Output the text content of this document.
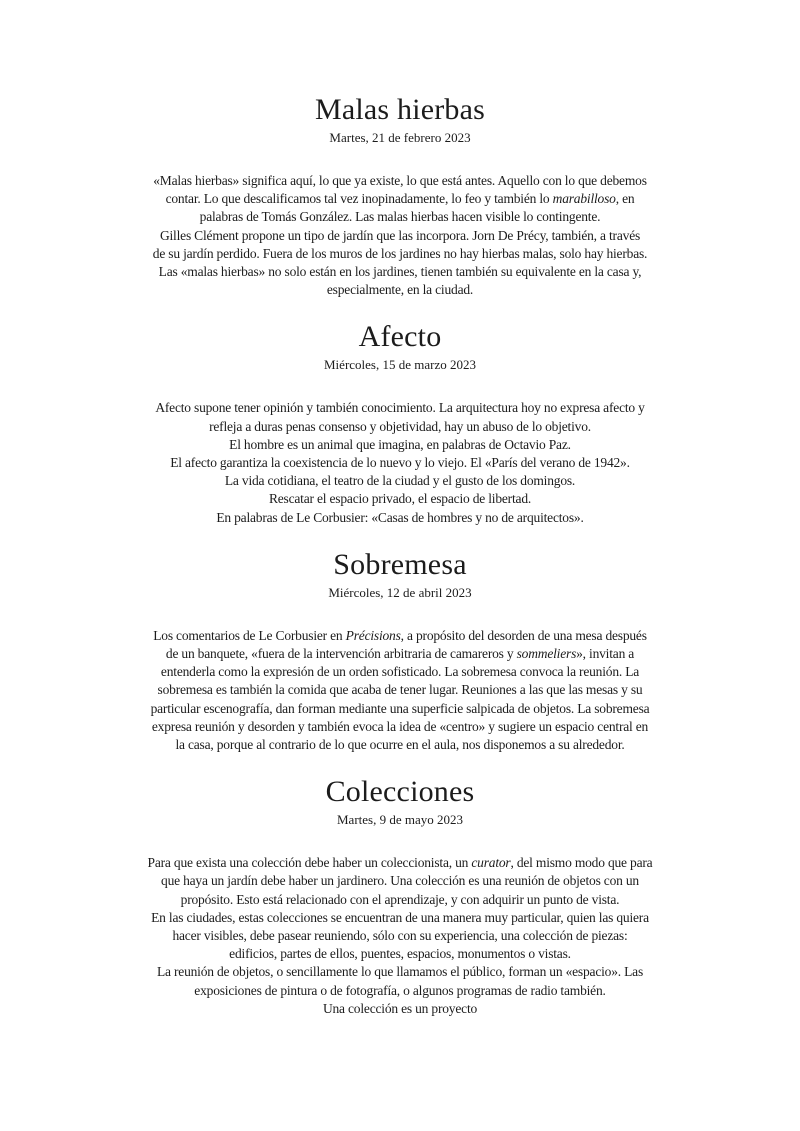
Malas hierbas
Martes, 21 de febrero 2023
«Malas hierbas» significa aquí, lo que ya existe, lo que está antes. Aquello con lo que debemos
contar. Lo que descalificamos tal vez inopinadamente, lo feo y también lo marabilloso, en
palabras de Tomás González. Las malas hierbas hacen visible lo contingente.
Gilles Clément propone un tipo de jardín que las incorpora. Jorn De Précy, también, a través
de su jardín perdido. Fuera de los muros de los jardines no hay hierbas malas, solo hay hierbas.
Las «malas hierbas» no solo están en los jardines, tienen también su equivalente en la casa y,
especialmente, en la ciudad.
Afecto
Miércoles, 15 de marzo 2023
Afecto supone tener opinión y también conocimiento. La arquitectura hoy no expresa afecto y
refleja a duras penas consenso y objetividad, hay un abuso de lo objetivo.
El hombre es un animal que imagina, en palabras de Octavio Paz.
El afecto garantiza la coexistencia de lo nuevo y lo viejo. El «París del verano de 1942».
La vida cotidiana, el teatro de la ciudad y el gusto de los domingos.
Rescatar el espacio privado, el espacio de libertad.
En palabras de Le Corbusier: «Casas de hombres y no de arquitectos».
Sobremesa
Miércoles, 12 de abril 2023
Los comentarios de Le Corbusier en Précisions, a propósito del desorden de una mesa después
de un banquete, «fuera de la intervención arbitraria de camareros y sommeliers», invitan a
entenderla como la expresión de un orden sofisticado. La sobremesa convoca la reunión. La
sobremesa es también la comida que acaba de tener lugar. Reuniones a las que las mesas y su
particular escenografía, dan forman mediante una superficie salpicada de objetos. La sobremesa
expresa reunión y desorden y también evoca la idea de «centro» y sugiere un espacio central en
la casa, porque al contrario de lo que ocurre en el aula, nos disponemos a su alrededor.
Colecciones
Martes, 9 de mayo 2023
Para que exista una colección debe haber un coleccionista, un curator, del mismo modo que para
que haya un jardín debe haber un jardinero. Una colección es una reunión de objetos con un
propósito. Esto está relacionado con el aprendizaje, y con adquirir un punto de vista.
En las ciudades, estas colecciones se encuentran de una manera muy particular, quien las quiera
hacer visibles, debe pasear reuniendo, sólo con su experiencia, una colección de piezas:
edificios, partes de ellos, puentes, espacios, monumentos o vistas.
La reunión de objetos, o sencillamente lo que llamamos el público, forman un «espacio». Las
exposiciones de pintura o de fotografía, o algunos programas de radio también.
Una colección es un proyecto
